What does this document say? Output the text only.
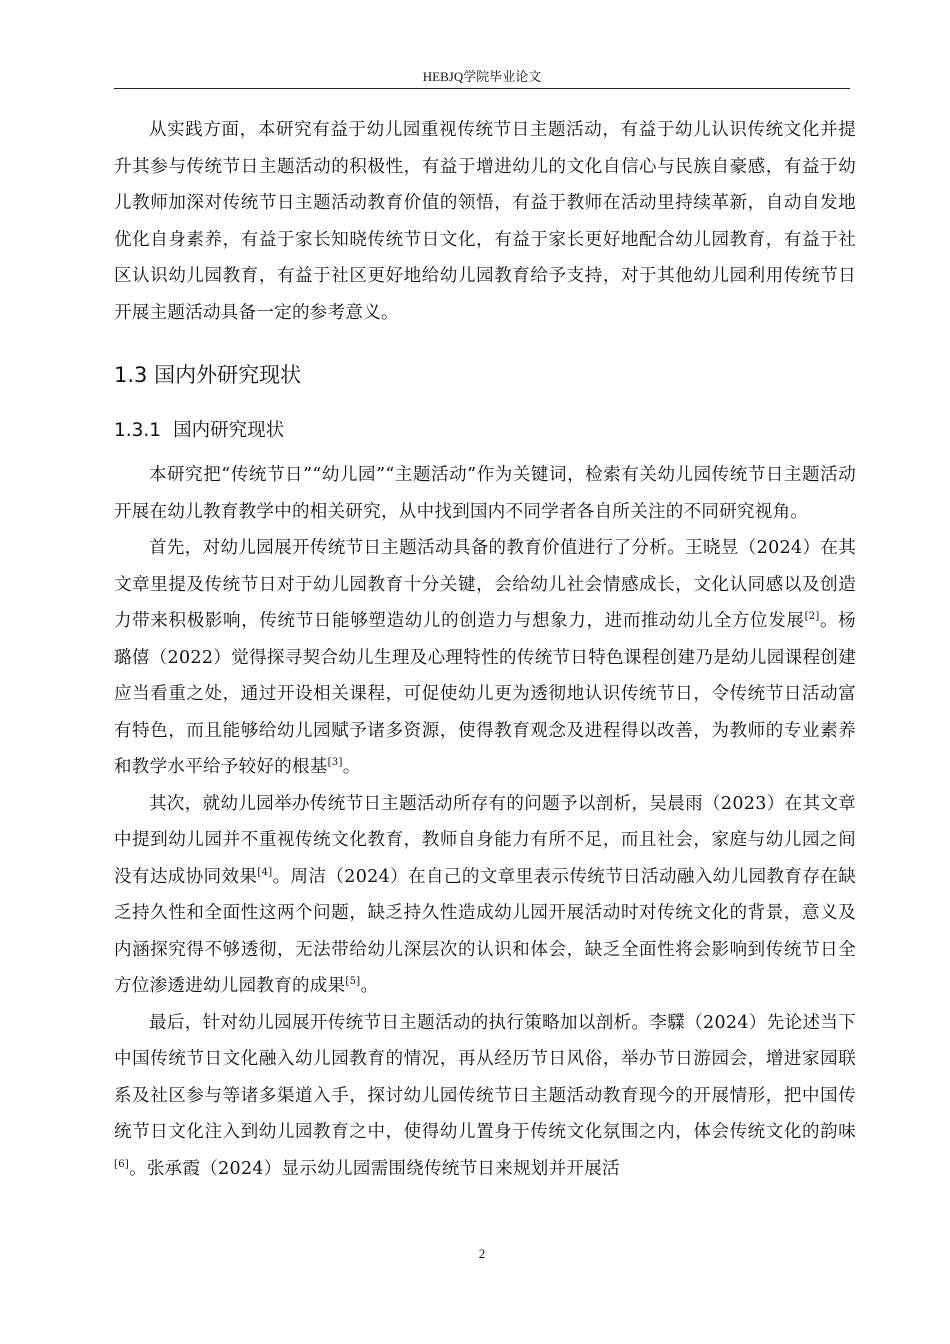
HEBJQ学院毕业论文

从实践方面，本研究有益于幼儿园重视传统节日主题活动，有益于幼儿认识传统文化并提升其参与传统节日主题活动的积极性，有益于增进幼儿的文化自信心与民族自豪感，有益于幼儿教师加深对传统节日主题活动教育价值的领悟，有益于教师在活动里持续革新，自动自发地优化自身素养，有益于家长知晓传统节日文化，有益于家长更好地配合幼儿园教育，有益于社区认识幼儿园教育，有益于社区更好地给幼儿园教育给予支持，对于其他幼儿园利用传统节日开展主题活动具备一定的参考意义。

1.3 国内外研究现状
1.3.1 国内研究现状

本研究把“传统节日”“幼儿园”“主题活动”作为关键词，检索有关幼儿园传统节日主题活动开展在幼儿教育教学中的相关研究，从中找到国内不同学者各自所关注的不同研究视角。

首先，对幼儿园展开传统节日主题活动具备的教育价值进行了分析。王晓昱（2024）在其文章里提及传统节日对于幼儿园教育十分关键，会给幼儿社会情感成长，文化认同感以及创造力带来积极影响，传统节日能够塑造幼儿的创造力与想象力，进而推动幼儿全方位发展[2]。杨璐僖（2022）觉得探寻契合幼儿生理及心理特性的传统节日特色课程创建乃是幼儿园课程创建应当看重之处，通过开设相关课程，可促使幼儿更为透彻地认识传统节日，令传统节日活动富有特色，而且能够给幼儿园赋予诸多资源，使得教育观念及进程得以改善，为教师的专业素养和教学水平给予较好的根基[3]。

其次，就幼儿园举办传统节日主题活动所存有的问题予以剖析，吴晨雨（2023）在其文章中提到幼儿园并不重视传统文化教育，教师自身能力有所不足，而且社会，家庭与幼儿园之间没有达成协同效果[4]。周洁（2024）在自己的文章里表示传统节日活动融入幼儿园教育存在缺乏持久性和全面性这两个问题，缺乏持久性造成幼儿园开展活动时对传统文化的背景，意义及内涵探究得不够透彻，无法带给幼儿深层次的认识和体会，缺乏全面性将会影响到传统节日全方位渗透进幼儿园教育的成果[5]。

最后，针对幼儿园展开传统节日主题活动的执行策略加以剖析。李驜（2024）先论述当下中国传统节日文化融入幼儿园教育的情况，再从经历节日风俗，举办节日游园会，增进家园联系及社区参与等诸多渠道入手，探讨幼儿园传统节日主题活动教育现今的开展情形，把中国传统节日文化注入到幼儿园教育之中，使得幼儿置身于传统文化氛围之内，体会传统文化的韵味[6]。张承霞（2024）显示幼儿园需围绕传统节日来规划并开展活

2
